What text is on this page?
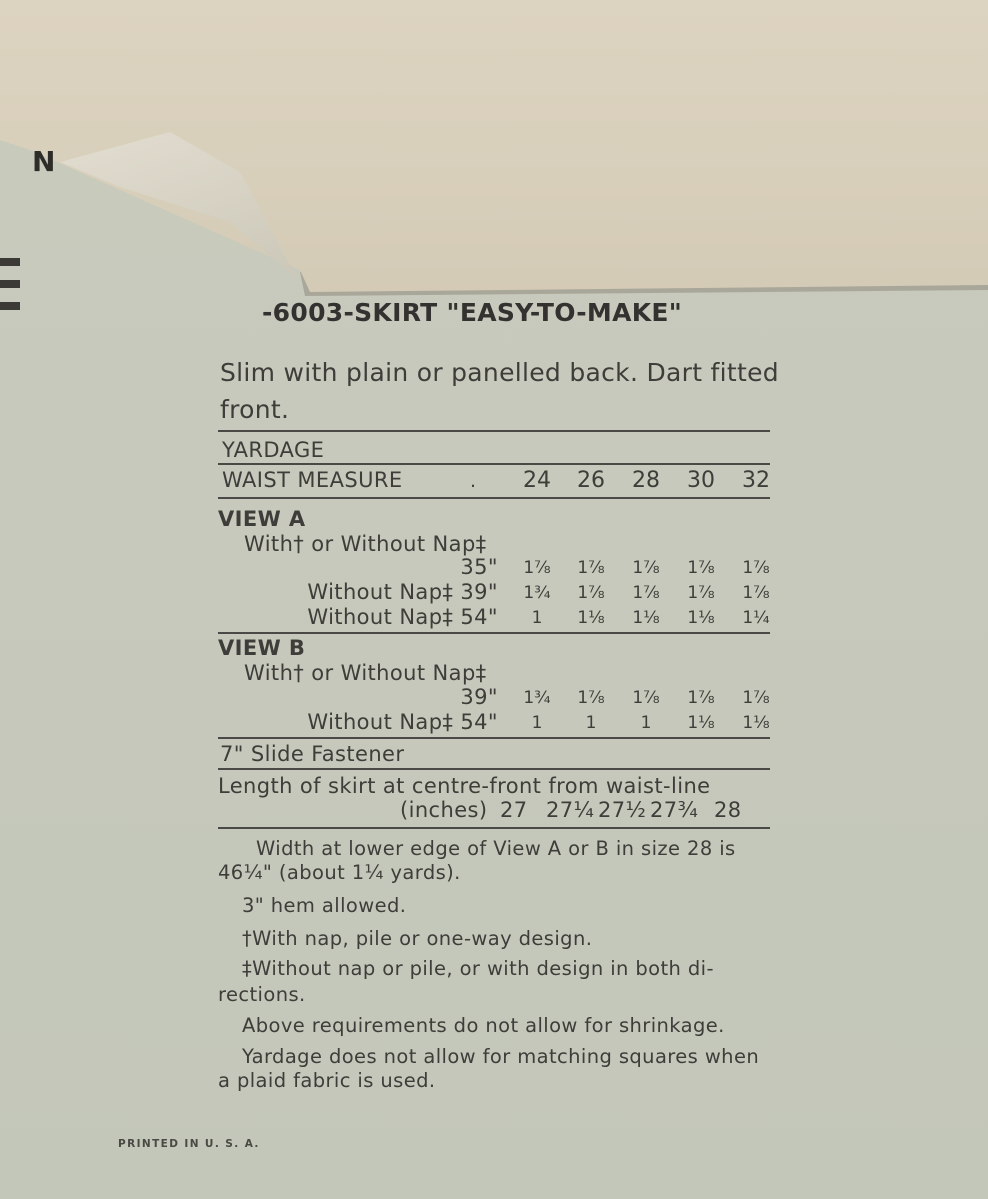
N
-6003-SKIRT "EASY-TO-MAKE"
Slim with plain or panelled back. Dart fitted front.
YARDAGE
WAIST MEASURE	.	24	26	28	30	32
VIEW A
With† or Without Nap‡
35"	1⅞	1⅞	1⅞	1⅞	1⅞
Without Nap‡ 39"	1¾	1⅞	1⅞	1⅞	1⅞
Without Nap‡ 54"	1	1⅛	1⅛	1⅛	1¼
VIEW B
With† or Without Nap‡
39"	1¾	1⅞	1⅞	1⅞	1⅞
Without Nap‡ 54"	1	1	1	1⅛	1⅛
7" Slide Fastener
Length of skirt at centre-front from waist-line
(inches) 27 27¼ 27½ 27¾ 28
Width at lower edge of View A or B in size 28 is
46¼" (about 1¼ yards).
3" hem allowed.
†With nap, pile or one-way design.
‡Without nap or pile, or with design in both di-
rections.
Above requirements do not allow for shrinkage.
Yardage does not allow for matching squares when
a plaid fabric is used.
PRINTED IN U. S. A.
